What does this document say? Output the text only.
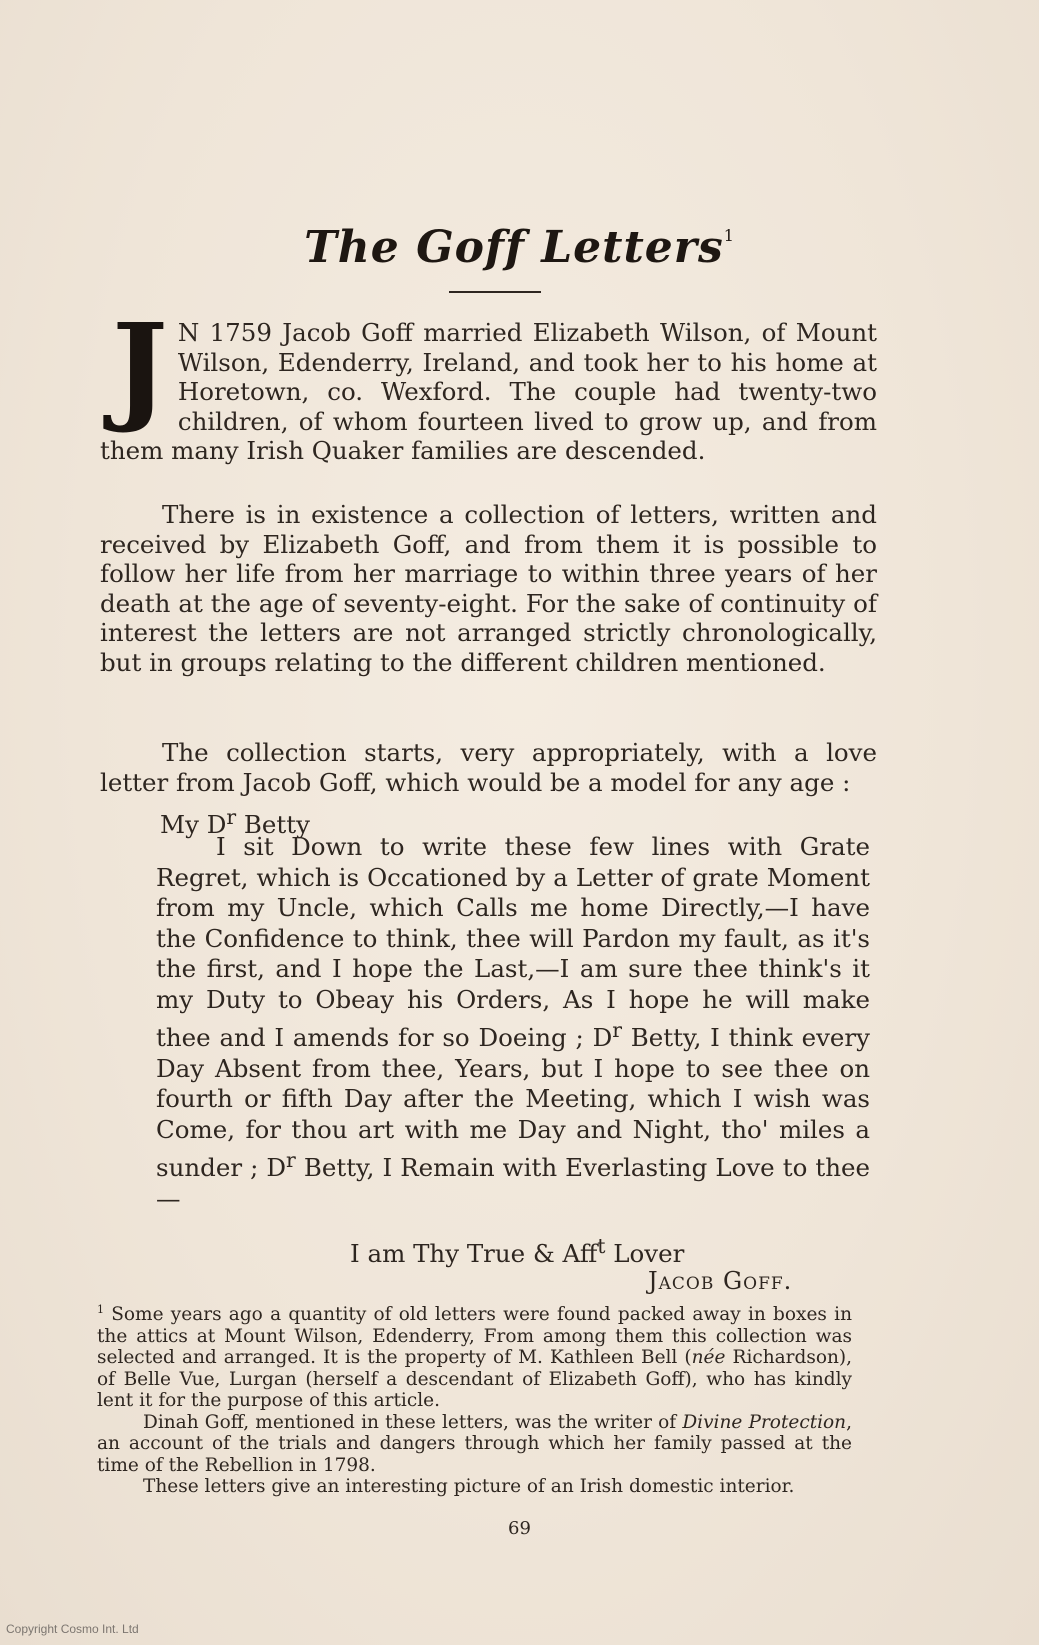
The Goff Letters$^1$
J N 1759 Jacob Goff married Elizabeth Wilson, of Mount Wilson, Edenderry, Ireland, and took her to his home at Horetown, co. Wexford. The couple had twenty-two children, of whom fourteen lived to grow up, and from them many Irish Quaker families are descended.
There is in existence a collection of letters, written and received by Elizabeth Goff, and from them it is possible to follow her life from her marriage to within three years of her death at the age of seventy-eight. For the sake of continuity of interest the letters are not arranged strictly chronologically, but in groups relating to the different children mentioned.
The collection starts, very appropriately, with a love letter from Jacob Goff, which would be a model for any age :
My $D^r$ Betty

I sit Down to write these few lines with Grate Regret, which is Occationed by a Letter of grate Moment from my Uncle, which Calls me home Directly,—I have the Confidence to think, thee will Pardon my fault, as it's the first, and I hope the Last,—I am sure thee think's it my Duty to Obeay his Orders, As I hope he will make thee and I amends for so Doeing ; $D^r$ Betty, I think every Day Absent from thee, Years, but I hope to see thee on fourth or fifth Day after the Meeting, which I wish was Come, for thou art with me Day and Night, tho' miles a sunder ; $D^r$ Betty, I Remain with Everlasting Love to thee—

I am Thy True & Aff$^t$ Lover
Jacob Goff.

$^1$ Some years ago a quantity of old letters were found packed away in boxes in the attics at Mount Wilson, Edenderry, From among them this collection was selected and arranged. It is the property of M. Kathleen Bell (née Richardson), of Belle Vue, Lurgan (herself a descendant of Elizabeth Goff), who has kindly lent it for the purpose of this article.

Dinah Goff, mentioned in these letters, was the writer of Divine Protection, an account of the trials and dangers through which her family passed at the time of the Rebellion in 1798.

These letters give an interesting picture of an Irish domestic interior.

69
Copyright Cosmo Int. Ltd
